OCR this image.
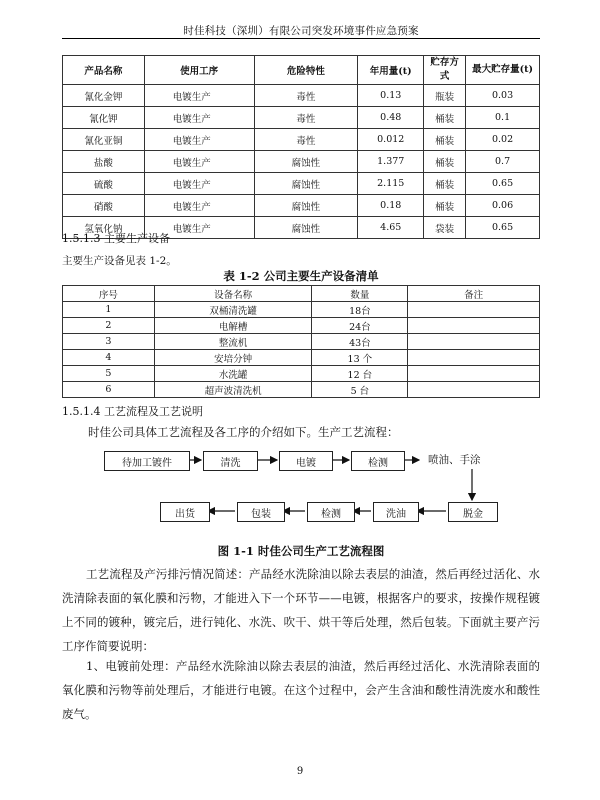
时佳科技（深圳）有限公司突发环境事件应急预案
产品名称	使用工序	危险特性	年用量(t)	贮存方式	最大贮存量(t)
氰化金钾	电镀生产	毒性	0.13	瓶装	0.03
氰化钾	电镀生产	毒性	0.48	桶装	0.1
氰化亚铜	电镀生产	毒性	0.012	桶装	0.02
盐酸	电镀生产	腐蚀性	1.377	桶装	0.7
硫酸	电镀生产	腐蚀性	2.115	桶装	0.65
硝酸	电镀生产	腐蚀性	0.18	桶装	0.06
氢氧化钠	电镀生产	腐蚀性	4.65	袋装	0.65
1.5.1.3 主要生产设备
主要生产设备见表 1-2。
表 1-2 公司主要生产设备清单
序号	设备名称	数量	备注
1	双桶清洗罐	18台	
2	电解槽	24台	
3	整流机	43台	
4	安培分钟	13 个	
5	水洗罐	12 台	
6	超声波清洗机	5 台	
1.5.1.4 工艺流程及工艺说明
时佳公司具体工艺流程及各工序的介绍如下。生产工艺流程：
待加工镀件	清洗	电镀	检测	喷油、手涂
脱金
洗油
检测
包装
出货
图 1-1 时佳公司生产工艺流程图
工艺流程及产污排污情况简述：产品经水洗除油以除去表层的油渣，然后再经过活化、水洗清除表面的氧化膜和污物，才能进入下一个环节——电镀，根据客户的要求，按操作规程镀上不同的镀种，镀完后，进行钝化、水洗、吹干、烘干等后处理，然后包装。下面就主要产污工序作简要说明：
1、电镀前处理：产品经水洗除油以除去表层的油渣，然后再经过活化、水洗清除表面的氧化膜和污物等前处理后，才能进行电镀。在这个过程中，会产生含油和酸性清洗废水和酸性废气。
9
